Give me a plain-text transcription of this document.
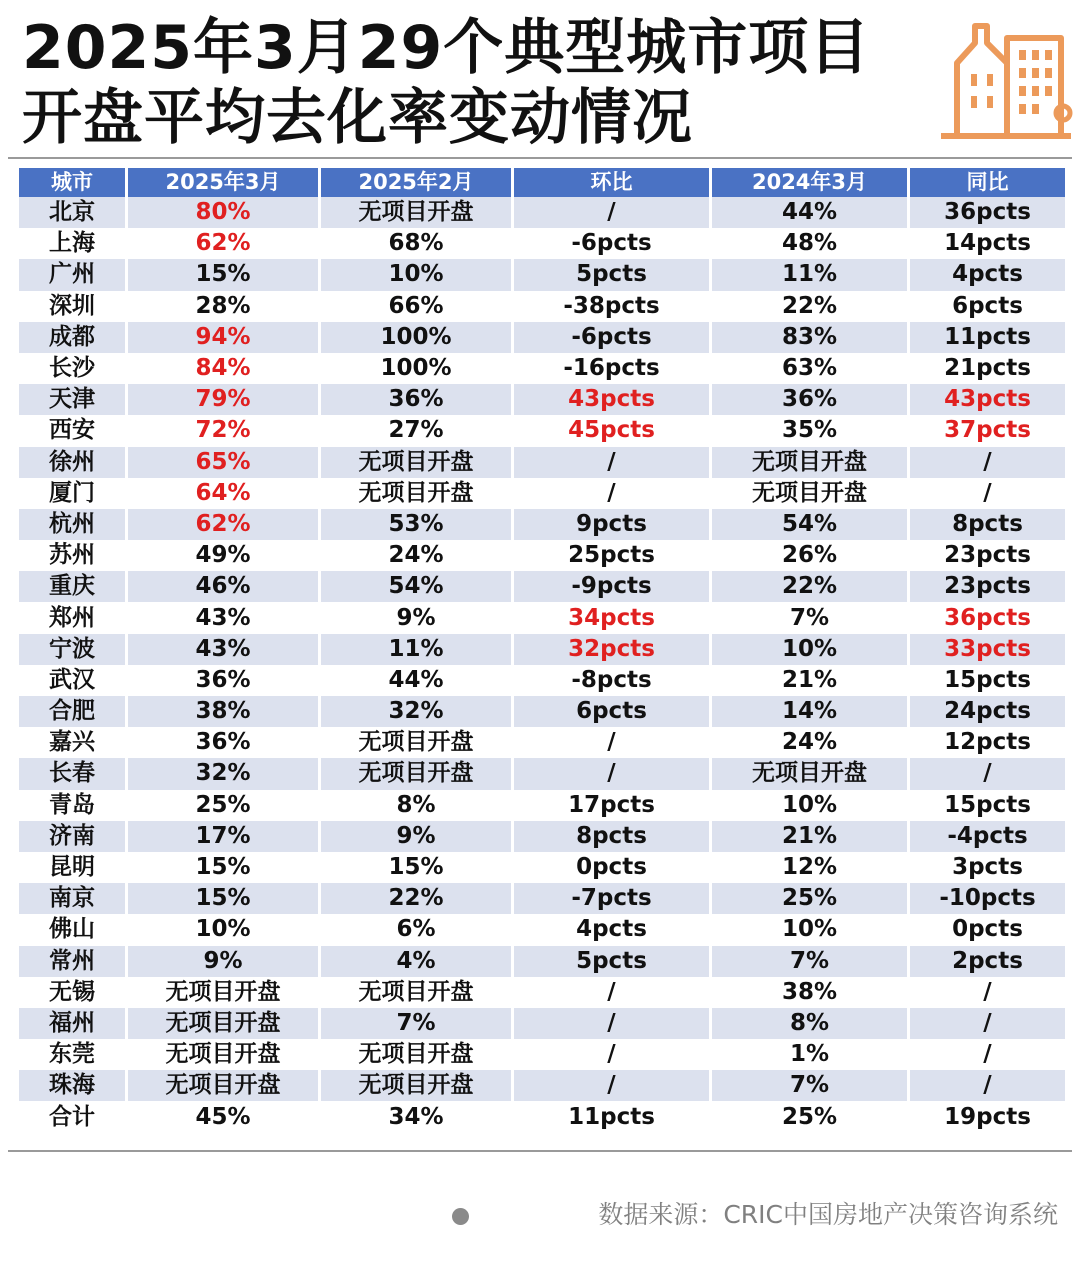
2025年3月29个典型城市项目
开盘平均去化率变动情况
城市	2025年3月	2025年2月	环比	2024年3月	同比
北京	80%	无项目开盘	/	44%	36pcts
上海	62%	68%	-6pcts	48%	14pcts
广州	15%	10%	5pcts	11%	4pcts
深圳	28%	66%	-38pcts	22%	6pcts
成都	94%	100%	-6pcts	83%	11pcts
长沙	84%	100%	-16pcts	63%	21pcts
天津	79%	36%	43pcts	36%	43pcts
西安	72%	27%	45pcts	35%	37pcts
徐州	65%	无项目开盘	/	无项目开盘	/
厦门	64%	无项目开盘	/	无项目开盘	/
杭州	62%	53%	9pcts	54%	8pcts
苏州	49%	24%	25pcts	26%	23pcts
重庆	46%	54%	-9pcts	22%	23pcts
郑州	43%	9%	34pcts	7%	36pcts
宁波	43%	11%	32pcts	10%	33pcts
武汉	36%	44%	-8pcts	21%	15pcts
合肥	38%	32%	6pcts	14%	24pcts
嘉兴	36%	无项目开盘	/	24%	12pcts
长春	32%	无项目开盘	/	无项目开盘	/
青岛	25%	8%	17pcts	10%	15pcts
济南	17%	9%	8pcts	21%	-4pcts
昆明	15%	15%	0pcts	12%	3pcts
南京	15%	22%	-7pcts	25%	-10pcts
佛山	10%	6%	4pcts	10%	0pcts
常州	9%	4%	5pcts	7%	2pcts
无锡	无项目开盘	无项目开盘	/	38%	/
福州	无项目开盘	7%	/	8%	/
东莞	无项目开盘	无项目开盘	/	1%	/
珠海	无项目开盘	无项目开盘	/	7%	/
合计	45%	34%	11pcts	25%	19pcts
数据来源：CRIC中国房地产决策咨询系统
